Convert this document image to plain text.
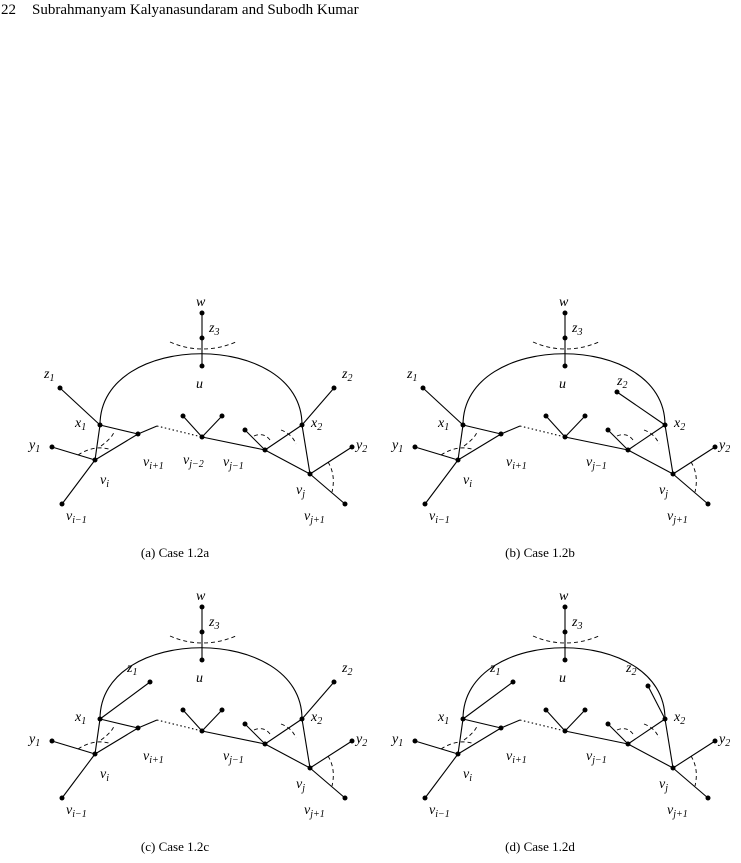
22 Subrahmanyam Kalyanasundaram and Subodh Kumar
w
$z_3$
u
$z_1$	$z_2$
$x_1$	$x_2$
$y_1$	$y_2$
$v_i$
$v_{i+1}$
$v_{i-1}$
$v_{j-2}$ $v_{j-1}$
$v_j$
$v_{j+1}$
(a) Case 1.2a
w
$z_3$
u
$z_1$	$z_2$
$x_1$	$x_2$
$y_1$	$y_2$
$v_i$
$v_{i+1}$
$v_{i-1}$
$v_{j-1}$
$v_j$
$v_{j+1}$
(b) Case 1.2b
w
$z_3$
u
$z_1$	$z_2$
$x_1$	$x_2$
$y_1$	$y_2$
$v_i$
$v_{i+1}$
$v_{i-1}$
$v_{j-1}$
$v_j$
$v_{j+1}$
(c) Case 1.2c
w
$z_3$
u
$z_1$	$z_2$
$x_1$	$x_2$
$y_1$	$y_2$
$v_i$
$v_{i+1}$
$v_{i-1}$
$v_{j-1}$
$v_j$
$v_{j+1}$
(d) Case 1.2d
